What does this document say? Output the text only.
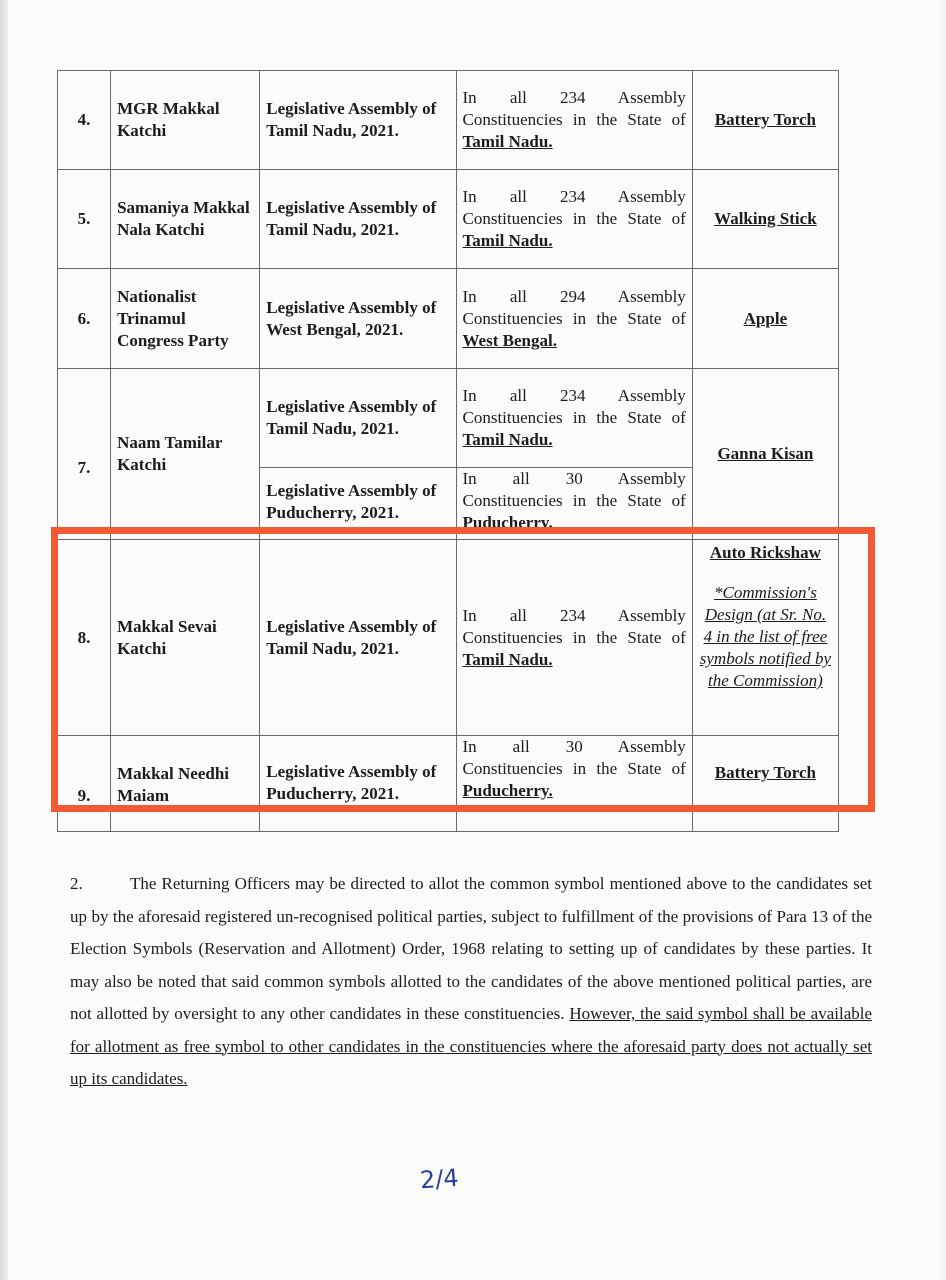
4.	MGR Makkal Katchi	Legislative Assembly of Tamil Nadu, 2021.	In all 234 Assembly Constituencies in the State of Tamil Nadu.	Battery Torch
5.	Samaniya Makkal Nala Katchi	Legislative Assembly of Tamil Nadu, 2021.	In all 234 Assembly Constituencies in the State of Tamil Nadu.	Walking Stick
6.	Nationalist Trinamul Congress Party	Legislative Assembly of West Bengal, 2021.	In all 294 Assembly Constituencies in the State of West Bengal.	Apple
7.	Naam Tamilar Katchi	Legislative Assembly of Tamil Nadu, 2021.	In all 234 Assembly Constituencies in the State of Tamil Nadu.	Ganna Kisan

		Legislative Assembly of Puducherry, 2021.	In all 30 Assembly Constituencies in the State of Puducherry.	

8.	Makkal Sevai Katchi	Legislative Assembly of Tamil Nadu, 2021.	In all 234 Assembly Constituencies in the State of Tamil Nadu.	Auto Rickshaw
*Commission's Design (at Sr. No. 4 in the list of free symbols notified by the Commission)

9.	Makkal Needhi Maiam	Legislative Assembly of Puducherry, 2021.	In all 30 Assembly Constituencies in the State of Puducherry.	Battery Torch

2.	The Returning Officers may be directed to allot the common symbol mentioned above to the candidates set up by the aforesaid registered un-recognised political parties, subject to fulfillment of the provisions of Para 13 of the Election Symbols (Reservation and Allotment) Order, 1968 relating to setting up of candidates by these parties. It may also be noted that said common symbols allotted to the candidates of the above mentioned political parties, are not allotted by oversight to any other candidates in these constituencies. However, the said symbol shall be available for allotment as free symbol to other candidates in the constituencies where the aforesaid party does not actually set up its candidates.
2/4
